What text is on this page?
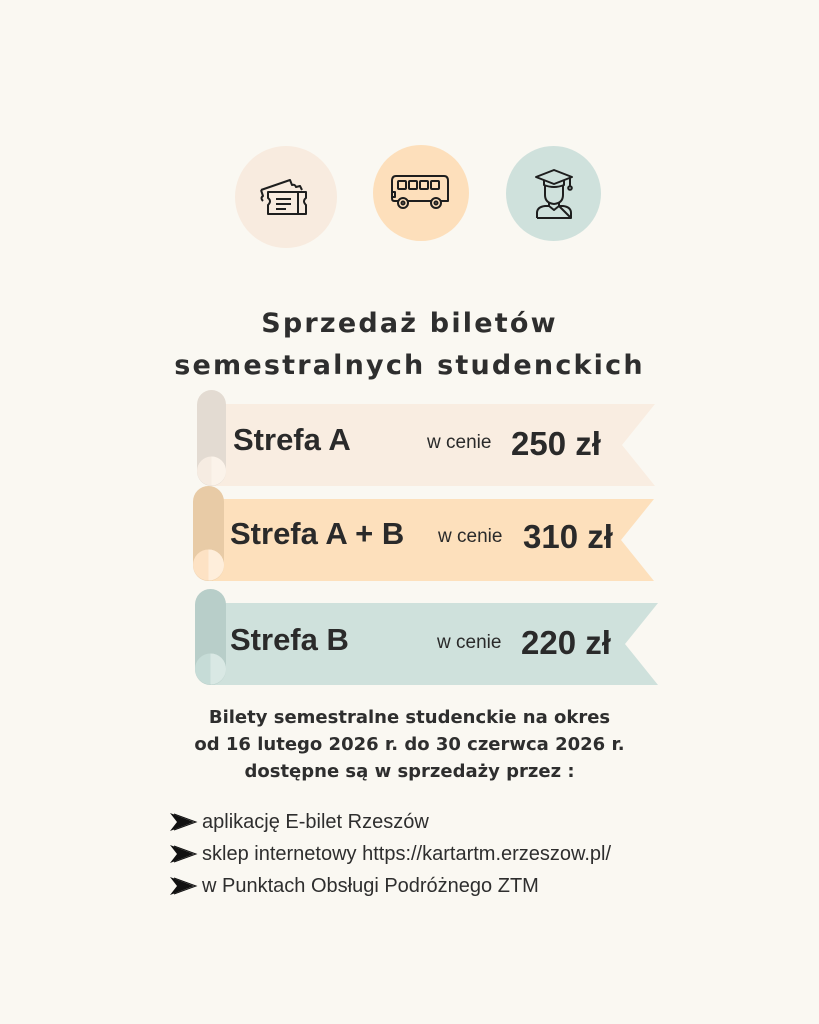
Sprzedaż biletów
semestralnych studenckich
Strefa A	w cenie 250 zł
Strefa A + B w cenie 310 zł
Strefa B	w cenie 220 zł
Bilety semestralne studenckie na okres
od 16 lutego 2026 r. do 30 czerwca 2026 r.
dostępne są w sprzedaży przez :
aplikację E-bilet Rzeszów
sklep internetowy https://kartartm.erzeszow.pl/
w Punktach Obsługi Podróżnego ZTM
